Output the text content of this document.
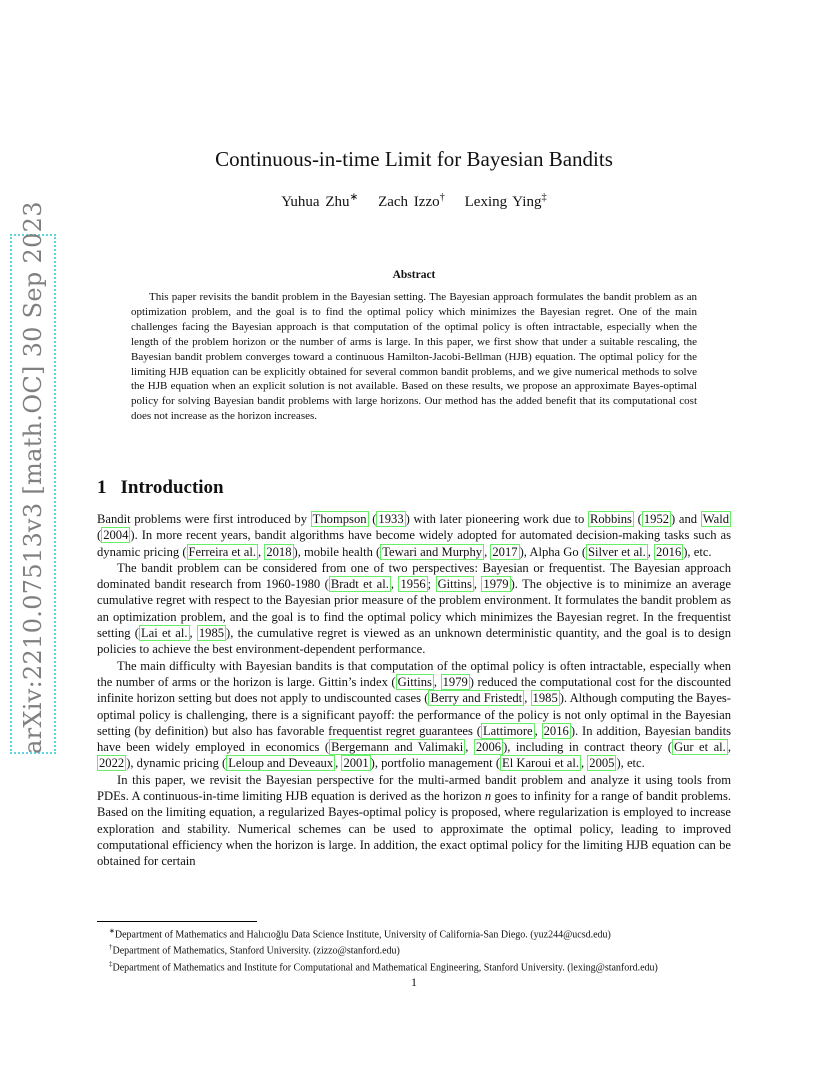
arXiv:2210.07513v3 [math.OC] 30 Sep 2023
Continuous-in-time Limit for Bayesian Bandits
Yuhua Zhu∗ Zach Izzo† Lexing Ying‡
Abstract

This paper revisits the bandit problem in the Bayesian setting. The Bayesian approach formulates the bandit problem as an optimization problem, and the goal is to find the optimal policy which minimizes the Bayesian regret. One of the main challenges facing the Bayesian approach is that computation of the optimal policy is often intractable, especially when the length of the problem horizon or the number of arms is large. In this paper, we first show that under a suitable rescaling, the Bayesian bandit problem converges toward a continuous Hamilton-Jacobi-Bellman (HJB) equation. The optimal policy for the limiting HJB equation can be explicitly obtained for several common bandit problems, and we give numerical methods to solve the HJB equation when an explicit solution is not available. Based on these results, we propose an approximate Bayes-optimal policy for solving Bayesian bandit problems with large horizons. Our method has the added benefit that its computational cost does not increase as the horizon increases.

1 Introduction

Bandit problems were first introduced by Thompson ( 1933 ) with later pioneering work due to Robbins ( 1952 ) and Wald ( 2004 ). In more recent years, bandit algorithms have become widely adopted for automated decision-making tasks such as dynamic pricing ( Ferreira et al. , 2018 ), mobile health ( Tewari and Murphy , 2017 ), Alpha Go ( Silver et al. , 2016 ), etc.

The bandit problem can be considered from one of two perspectives: Bayesian or frequentist. The Bayesian approach dominated bandit research from 1960-1980 ( Bradt et al. , 1956 ; Gittins , 1979 ). The objective is to minimize an average cumulative regret with respect to the Bayesian prior measure of the problem environment. It formulates the bandit problem as an optimization problem, and the goal is to find the optimal policy which minimizes the Bayesian regret. In the frequentist setting ( Lai et al. , 1985 ), the cumulative regret is viewed as an unknown deterministic quantity, and the goal is to design policies to achieve the best environment-dependent performance.

The main difficulty with Bayesian bandits is that computation of the optimal policy is often intractable, especially when the number of arms or the horizon is large. Gittin’s index ( Gittins , 1979 ) reduced the computational cost for the discounted infinite horizon setting but does not apply to undiscounted cases ( Berry and Fristedt , 1985 ). Although computing the Bayes-optimal policy is challenging, there is a significant payoff: the performance of the policy is not only optimal in the Bayesian setting (by definition) but also has favorable frequentist regret guarantees ( Lattimore , 2016 ). In addition, Bayesian bandits have been widely employed in economics ( Bergemann and Valimaki , 2006 ), including in contract theory ( Gur et al. , 2022 ), dynamic pricing ( Leloup and Deveaux , 2001 ), portfolio management ( El Karoui et al. , 2005 ), etc.

In this paper, we revisit the Bayesian perspective for the multi-armed bandit problem and analyze it using tools from PDEs. A continuous-in-time limiting HJB equation is derived as the horizon n goes to infinity for a range of bandit problems. Based on the limiting equation, a regularized Bayes-optimal policy is proposed, where regularization is employed to increase exploration and stability. Numerical schemes can be used to approximate the optimal policy, leading to improved computational efficiency when the horizon is large. In addition, the exact optimal policy for the limiting HJB equation can be obtained for certain

∗Department of Mathematics and Halıcıoğlu Data Science Institute, University of California-San Diego. (yuz244@ucsd.edu)

†Department of Mathematics, Stanford University. (zizzo@stanford.edu)

‡Department of Mathematics and Institute for Computational and Mathematical Engineering, Stanford University. (lexing@stanford.edu)

1
